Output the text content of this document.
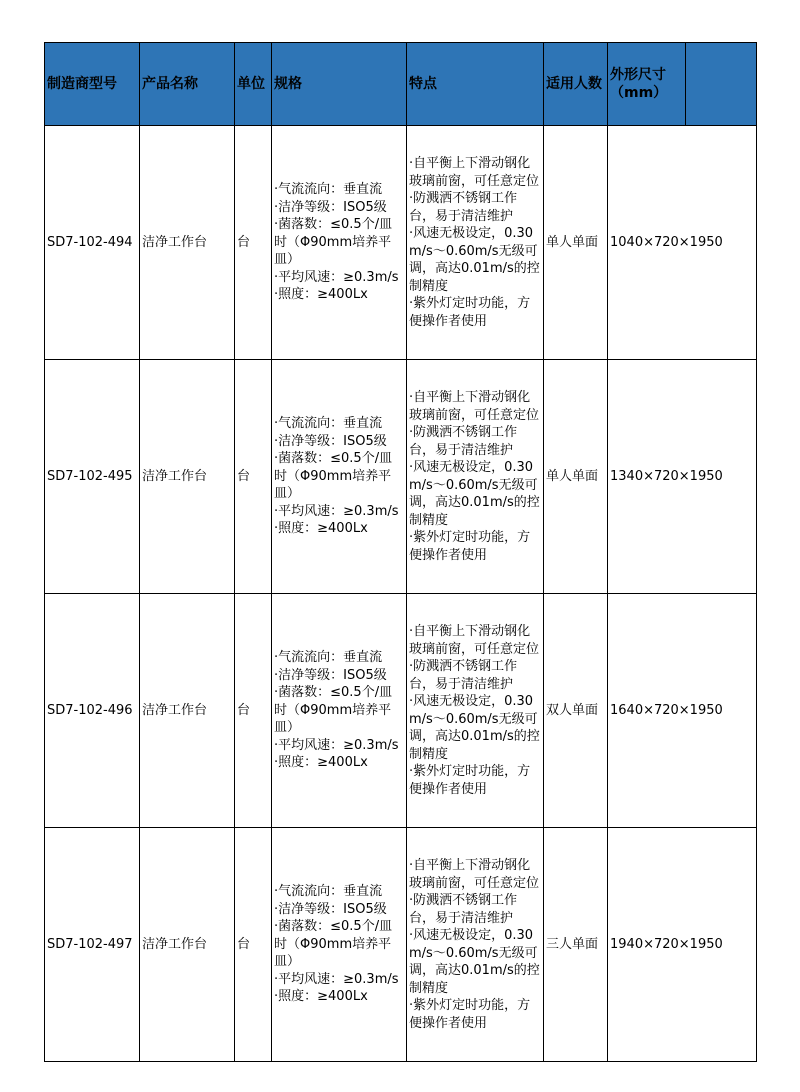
制造商型号	产品名称	单位	规格	特点	适用人数	外形尺寸（mm）	
SD7-102-494	洁净工作台	台	·气流流向：垂直流
·洁净等级：ISO5级
·菌落数：≤0.5个/皿时（Φ90mm培养平皿）
·平均风速：≥0.3m/s
·照度：≥400Lx	·自平衡上下滑动钢化玻璃前窗，可任意定位
·防溅洒不锈钢工作台，易于清洁维护
·风速无极设定，0.30m/s～0.60m/s无级可调，高达0.01m/s的控制精度
·紫外灯定时功能，方便操作者使用	单人单面	1040×720×1950	
SD7-102-495	洁净工作台	台	·气流流向：垂直流
·洁净等级：ISO5级
·菌落数：≤0.5个/皿时（Φ90mm培养平皿）
·平均风速：≥0.3m/s
·照度：≥400Lx	·自平衡上下滑动钢化玻璃前窗，可任意定位
·防溅洒不锈钢工作台，易于清洁维护
·风速无极设定，0.30m/s～0.60m/s无级可调，高达0.01m/s的控制精度
·紫外灯定时功能，方便操作者使用	单人单面	1340×720×1950	
SD7-102-496	洁净工作台	台	·气流流向：垂直流
·洁净等级：ISO5级
·菌落数：≤0.5个/皿时（Φ90mm培养平皿）
·平均风速：≥0.3m/s
·照度：≥400Lx	·自平衡上下滑动钢化玻璃前窗，可任意定位
·防溅洒不锈钢工作台，易于清洁维护
·风速无极设定，0.30m/s～0.60m/s无级可调，高达0.01m/s的控制精度
·紫外灯定时功能，方便操作者使用	双人单面	1640×720×1950	
SD7-102-497	洁净工作台	台	·气流流向：垂直流
·洁净等级：ISO5级
·菌落数：≤0.5个/皿时（Φ90mm培养平皿）
·平均风速：≥0.3m/s
·照度：≥400Lx	·自平衡上下滑动钢化玻璃前窗，可任意定位
·防溅洒不锈钢工作台，易于清洁维护
·风速无极设定，0.30m/s～0.60m/s无级可调，高达0.01m/s的控制精度
·紫外灯定时功能，方便操作者使用	三人单面	1940×720×1950	
